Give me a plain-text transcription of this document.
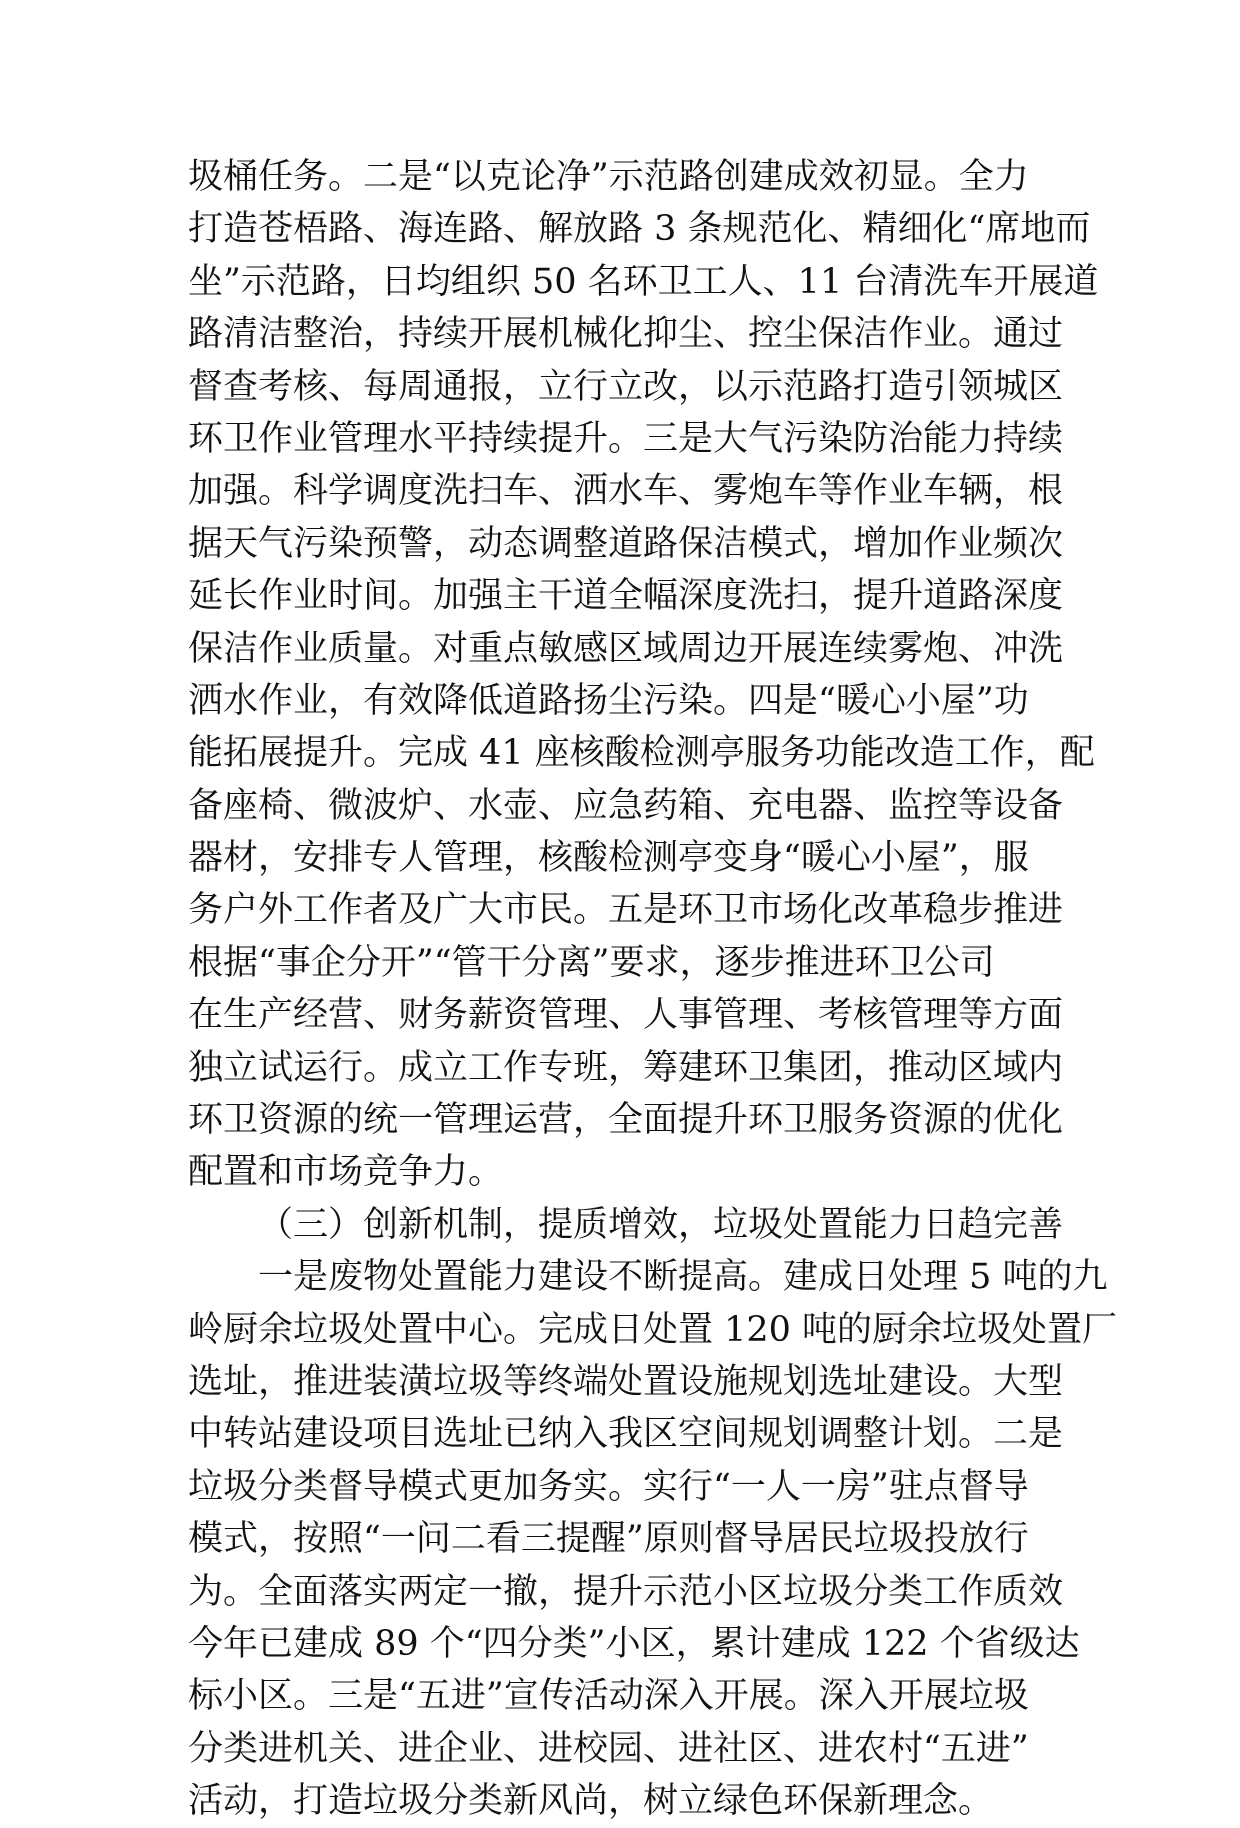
圾桶任务。二是“以克论净”示范路创建成效初显。全力
打造苍梧路、海连路、解放路 3 条规范化、精细化“席地而
坐”示范路，日均组织 50 名环卫工人、11 台清洗车开展道
路清洁整治，持续开展机械化抑尘、控尘保洁作业。通过
督查考核、每周通报，立行立改，以示范路打造引领城区
环卫作业管理水平持续提升。三是大气污染防治能力持续
加强。科学调度洗扫车、洒水车、雾炮车等作业车辆，根
据天气污染预警，动态调整道路保洁模式，增加作业频次
延长作业时间。加强主干道全幅深度洗扫，提升道路深度
保洁作业质量。对重点敏感区域周边开展连续雾炮、冲洗
洒水作业，有效降低道路扬尘污染。四是“暖心小屋”功
能拓展提升。完成 41 座核酸检测亭服务功能改造工作，配
备座椅、微波炉、水壶、应急药箱、充电器、监控等设备
器材，安排专人管理，核酸检测亭变身“暖心小屋”，服
务户外工作者及广大市民。五是环卫市场化改革稳步推进
根据“事企分开”“管干分离”要求，逐步推进环卫公司
在生产经营、财务薪资管理、人事管理、考核管理等方面
独立试运行。成立工作专班，筹建环卫集团，推动区域内
环卫资源的统一管理运营，全面提升环卫服务资源的优化
配置和市场竞争力。
（三）创新机制，提质增效，垃圾处置能力日趋完善
一是废物处置能力建设不断提高。建成日处理 5 吨的九
岭厨余垃圾处置中心。完成日处置 120 吨的厨余垃圾处置厂
选址，推进装潢垃圾等终端处置设施规划选址建设。大型
中转站建设项目选址已纳入我区空间规划调整计划。二是
垃圾分类督导模式更加务实。实行“一人一房”驻点督导
模式，按照“一问二看三提醒”原则督导居民垃圾投放行
为。全面落实两定一撤，提升示范小区垃圾分类工作质效
今年已建成 89 个“四分类”小区，累计建成 122 个省级达
标小区。三是“五进”宣传活动深入开展。深入开展垃圾
分类进机关、进企业、进校园、进社区、进农村“五进”
活动，打造垃圾分类新风尚，树立绿色环保新理念。
